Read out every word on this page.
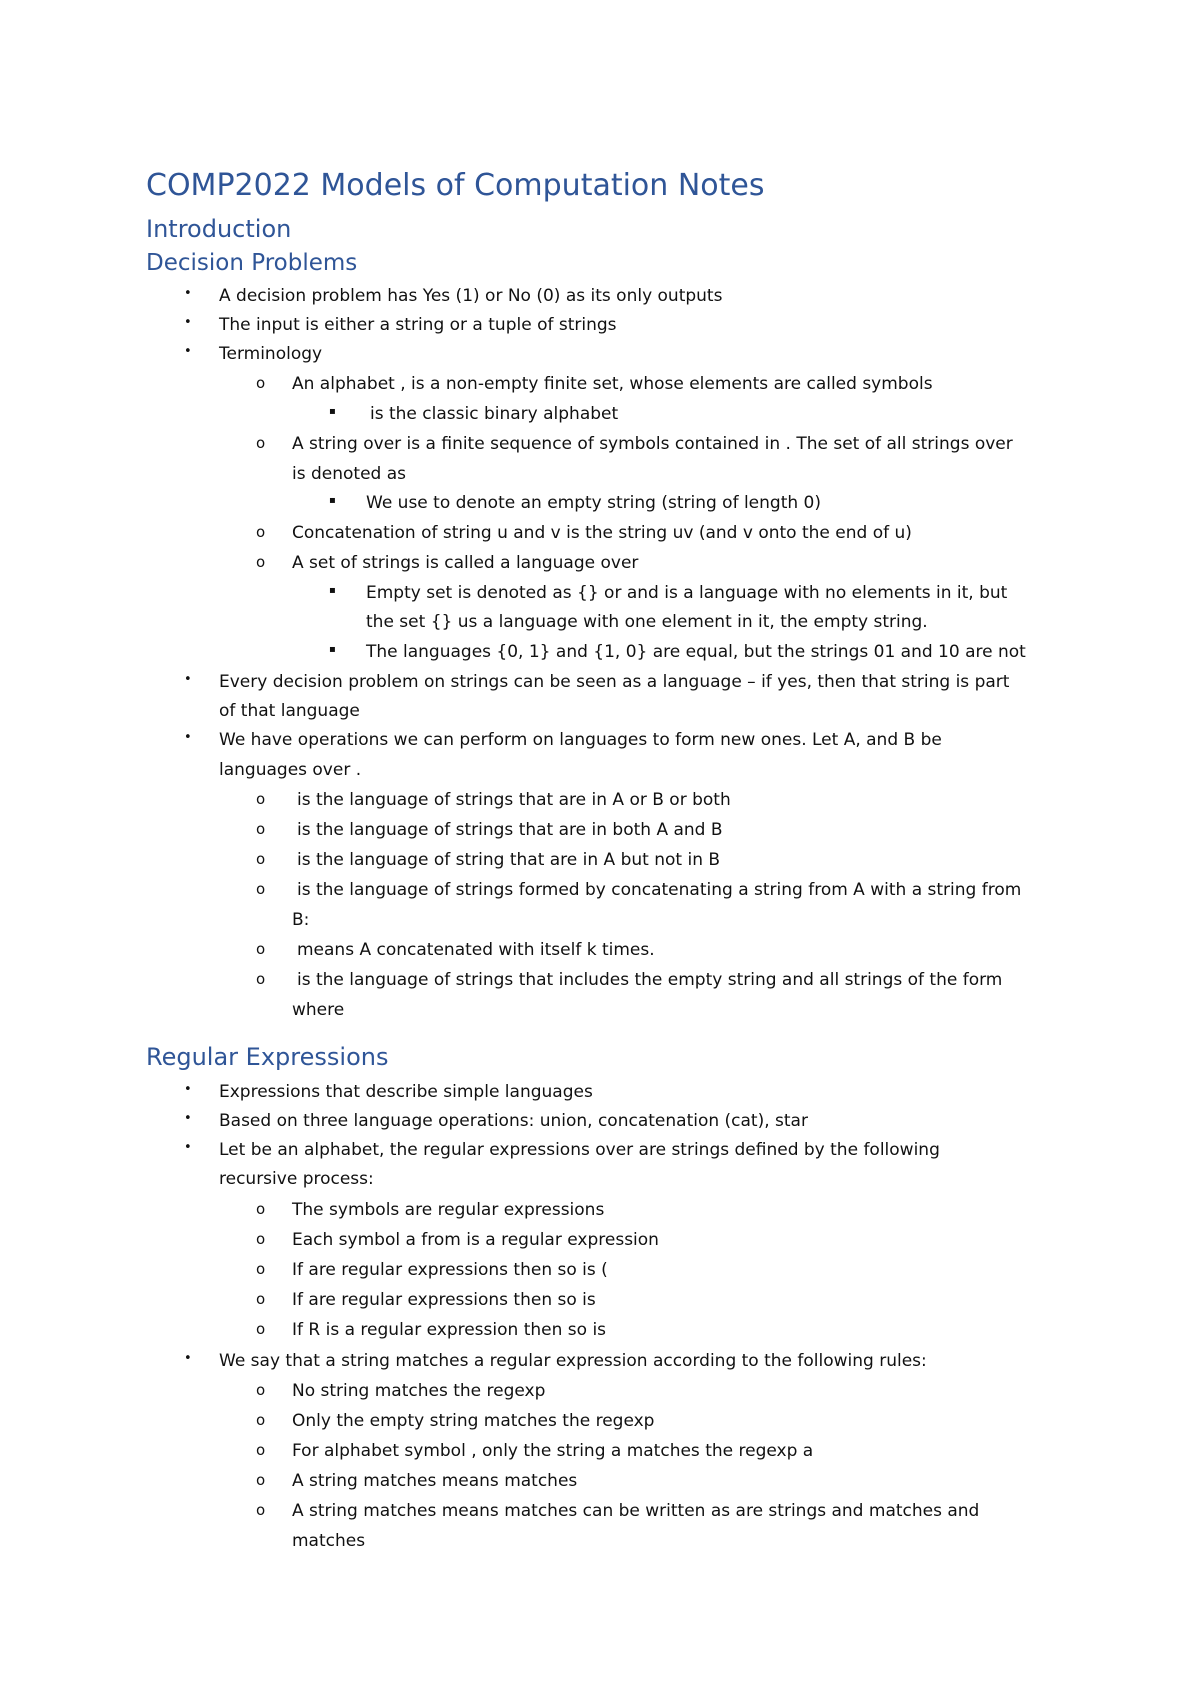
COMP2022 Models of Computation Notes
Introduction
Decision Problems
• A decision problem has Yes (1) or No (0) as its only outputs
• The input is either a string or a tuple of strings
• Terminology
o An alphabet , is a non-empty finite set, whose elements are called symbols
▪ is the classic binary alphabet
o A string over is a finite sequence of symbols contained in . The set of all strings over
is denoted as
▪ We use to denote an empty string (string of length 0)
o Concatenation of string u and v is the string uv (and v onto the end of u)
o A set of strings is called a language over
▪ Empty set is denoted as {} or and is a language with no elements in it, but
the set {} us a language with one element in it, the empty string.
▪ The languages {0, 1} and {1, 0} are equal, but the strings 01 and 10 are not
• Every decision problem on strings can be seen as a language – if yes, then that string is part
of that language
• We have operations we can perform on languages to form new ones. Let A, and B be
languages over .
o is the language of strings that are in A or B or both
o is the language of strings that are in both A and B
o is the language of string that are in A but not in B
o is the language of strings formed by concatenating a string from A with a string from
B:
o means A concatenated with itself k times.
o is the language of strings that includes the empty string and all strings of the form
where
Regular Expressions
• Expressions that describe simple languages
• Based on three language operations: union, concatenation (cat), star
• Let be an alphabet, the regular expressions over are strings defined by the following
recursive process:
o The symbols are regular expressions
o Each symbol a from is a regular expression
o If are regular expressions then so is (
o If are regular expressions then so is
o If R is a regular expression then so is
• We say that a string matches a regular expression according to the following rules:
o No string matches the regexp
o Only the empty string matches the regexp
o For alphabet symbol , only the string a matches the regexp a
o A string matches means matches
o A string matches means matches can be written as are strings and matches and
matches
